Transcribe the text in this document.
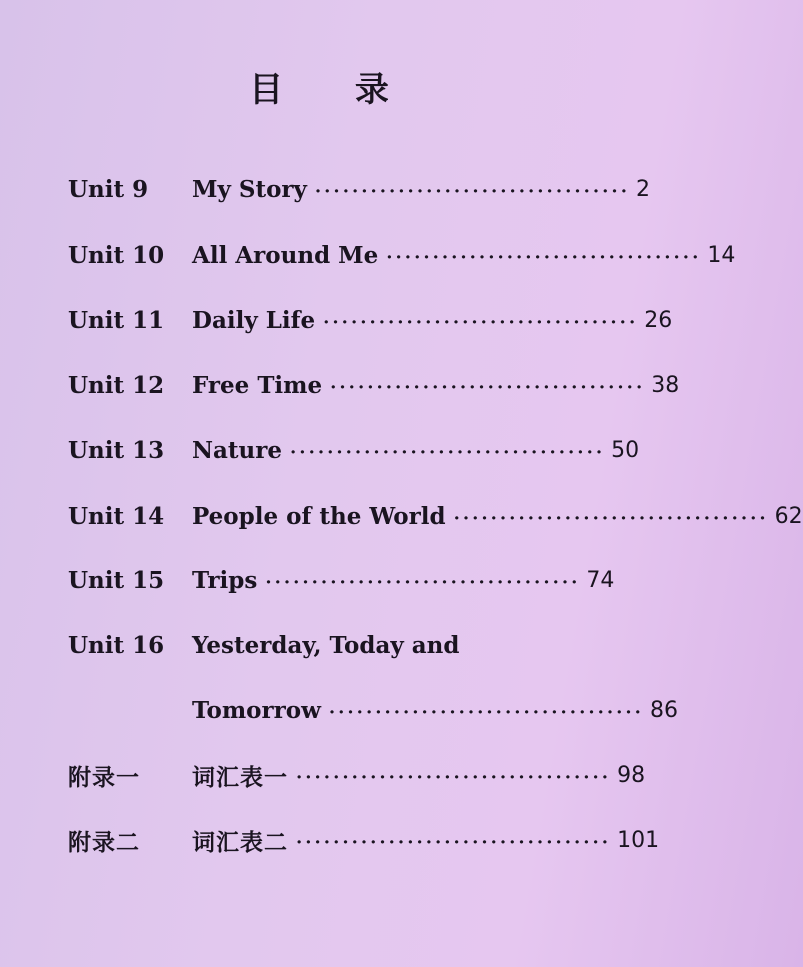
目 录
Unit 9	My Story ·································· 2
Unit 10	All Around Me ·································· 14
Unit 11	Daily Life ·································· 26
Unit 12	Free Time ·································· 38
Unit 13	Nature ·································· 50
Unit 14	People of the World ·································· 62
Unit 15	Trips ·································· 74
Unit 16	Yesterday, Today and
Tomorrow ·································· 86
附录一	词汇表一 ·································· 98
附录二	词汇表二 ·································· 101
